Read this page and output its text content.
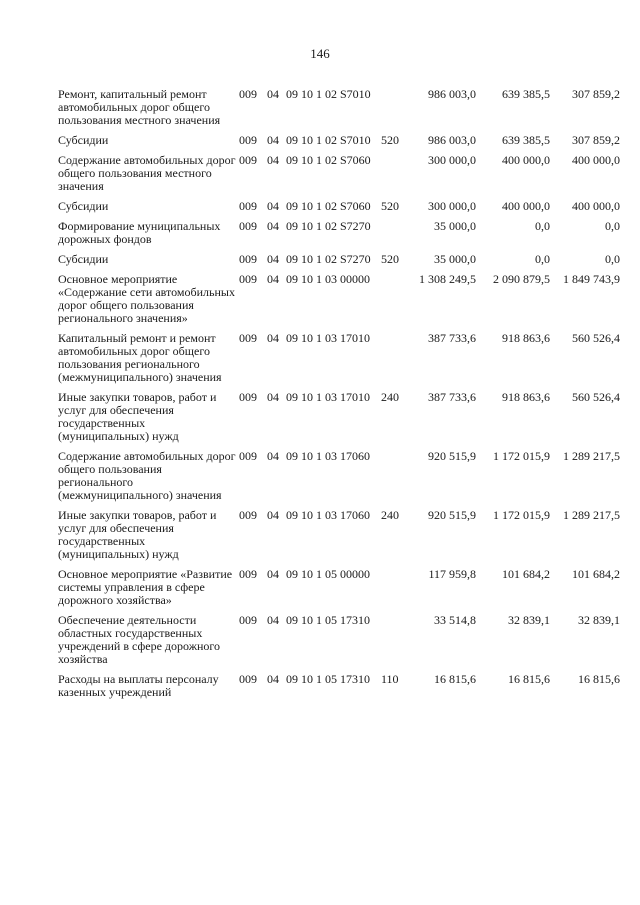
146
Ремонт, капитальный ремонт автомобильных дорог общего пользования местного значения
009 04 09 10 1 02 S7010	986 003,0	639 385,5	307 859,2
Субсидии	009 04 09 10 1 02 S7010 520	986 003,0	639 385,5	307 859,2
Содержание автомобильных дорог общего пользования местного значения
009 04 09 10 1 02 S7060	300 000,0	400 000,0	400 000,0
Субсидии	009 04 09 10 1 02 S7060 520	300 000,0	400 000,0	400 000,0
Формирование муниципальных дорожных фондов
009 04 09 10 1 02 S7270	35 000,0	0,0	0,0
Субсидии	009 04 09 10 1 02 S7270 520	35 000,0	0,0	0,0
Основное мероприятие «Содержание сети автомобильных дорог общего пользования регионального значения»
009 04 09 10 1 03 00000	1 308 249,5	2 090 879,5	1 849 743,9
Капитальный ремонт и ремонт автомобильных дорог общего пользования регионального (межмуниципального) значения
009 04 09 10 1 03 17010	387 733,6	918 863,6	560 526,4
Иные закупки товаров, работ и услуг для обеспечения государственных (муниципальных) нужд
009 04 09 10 1 03 17010 240	387 733,6	918 863,6	560 526,4
Содержание автомобильных дорог общего пользования регионального (межмуниципального) значения
009 04 09 10 1 03 17060	920 515,9	1 172 015,9	1 289 217,5
Иные закупки товаров, работ и услуг для обеспечения государственных (муниципальных) нужд
009 04 09 10 1 03 17060 240	920 515,9	1 172 015,9	1 289 217,5
Основное мероприятие «Развитие системы управления в сфере дорожного хозяйства»
009 04 09 10 1 05 00000	117 959,8	101 684,2	101 684,2
Обеспечение деятельности областных государственных учреждений в сфере дорожного хозяйства
009 04 09 10 1 05 17310	33 514,8	32 839,1	32 839,1
Расходы на выплаты персоналу казенных учреждений
009 04 09 10 1 05 17310 110	16 815,6	16 815,6	16 815,6
